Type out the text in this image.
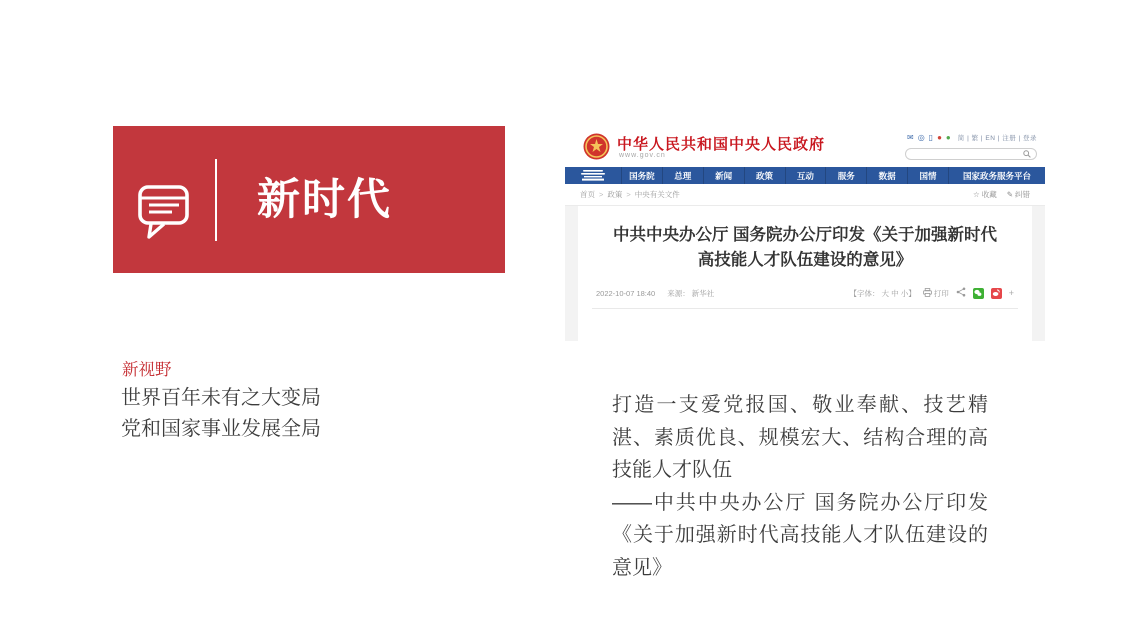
新时代
中华人民共和国中央人民政府
www.gov.cn
✉ ◎ ▯ ● ● 简 | 繁 | EN | 注册 | 登录
国务院	总理	新闻	政策	互动	服务	数据	国情	国家政务服务平台
首页 > 政策 > 中央有关文件	☆ 收藏 ✎ 纠错
中共中央办公厅 国务院办公厅印发《关于加强新时代
高技能人才队伍建设的意见》
2022-10-07 18:40 来源： 新华社	【字体： 大 中 小】 打印	+
新视野
世界百年未有之大变局
党和国家事业发展全局
打造一支爱党报国、敬业奉献、技艺精湛、素质优良、规模宏大、结构合理的高技能人才队伍
——中共中央办公厅 国务院办公厅印发《关于加强新时代高技能人才队伍建设的意见》
